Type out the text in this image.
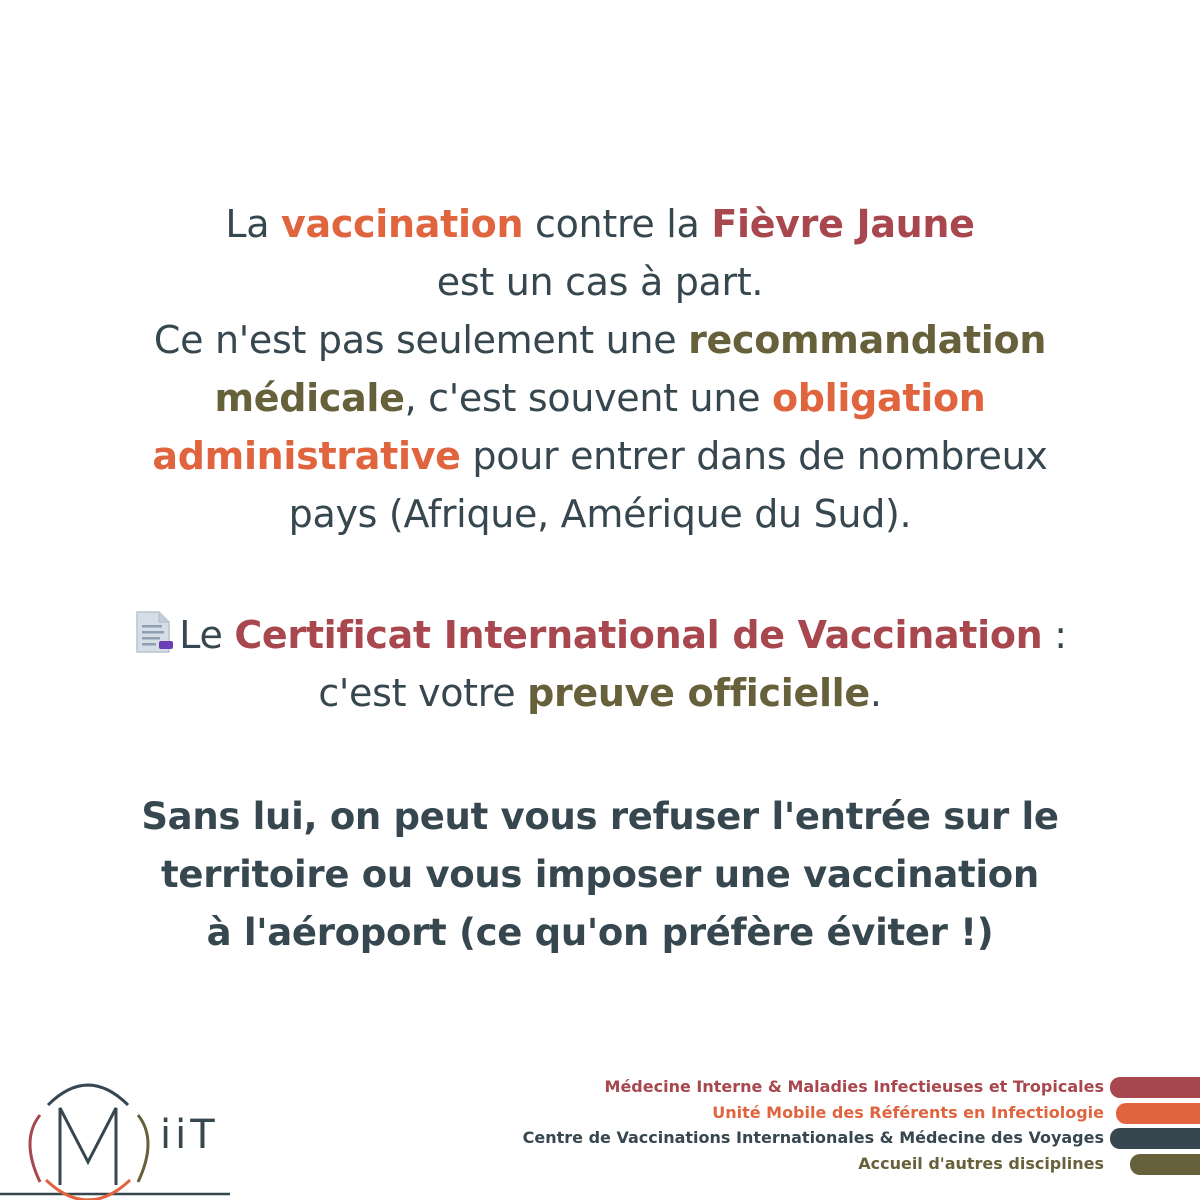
La vaccination contre la Fièvre Jaune
est un cas à part.
Ce n'est pas seulement une recommandation
médicale, c'est souvent une obligation
administrative pour entrer dans de nombreux
pays (Afrique, Amérique du Sud).
Le Certificat International de Vaccination :
c'est votre preuve officielle.
Sans lui, on peut vous refuser l'entrée sur le
territoire ou vous imposer une vaccination
à l'aéroport (ce qu'on préfère éviter !)
iiT
Médecine Interne & Maladies Infectieuses et Tropicales
Unité Mobile des Référents en Infectiologie
Centre de Vaccinations Internationales & Médecine des Voyages
Accueil d'autres disciplines
